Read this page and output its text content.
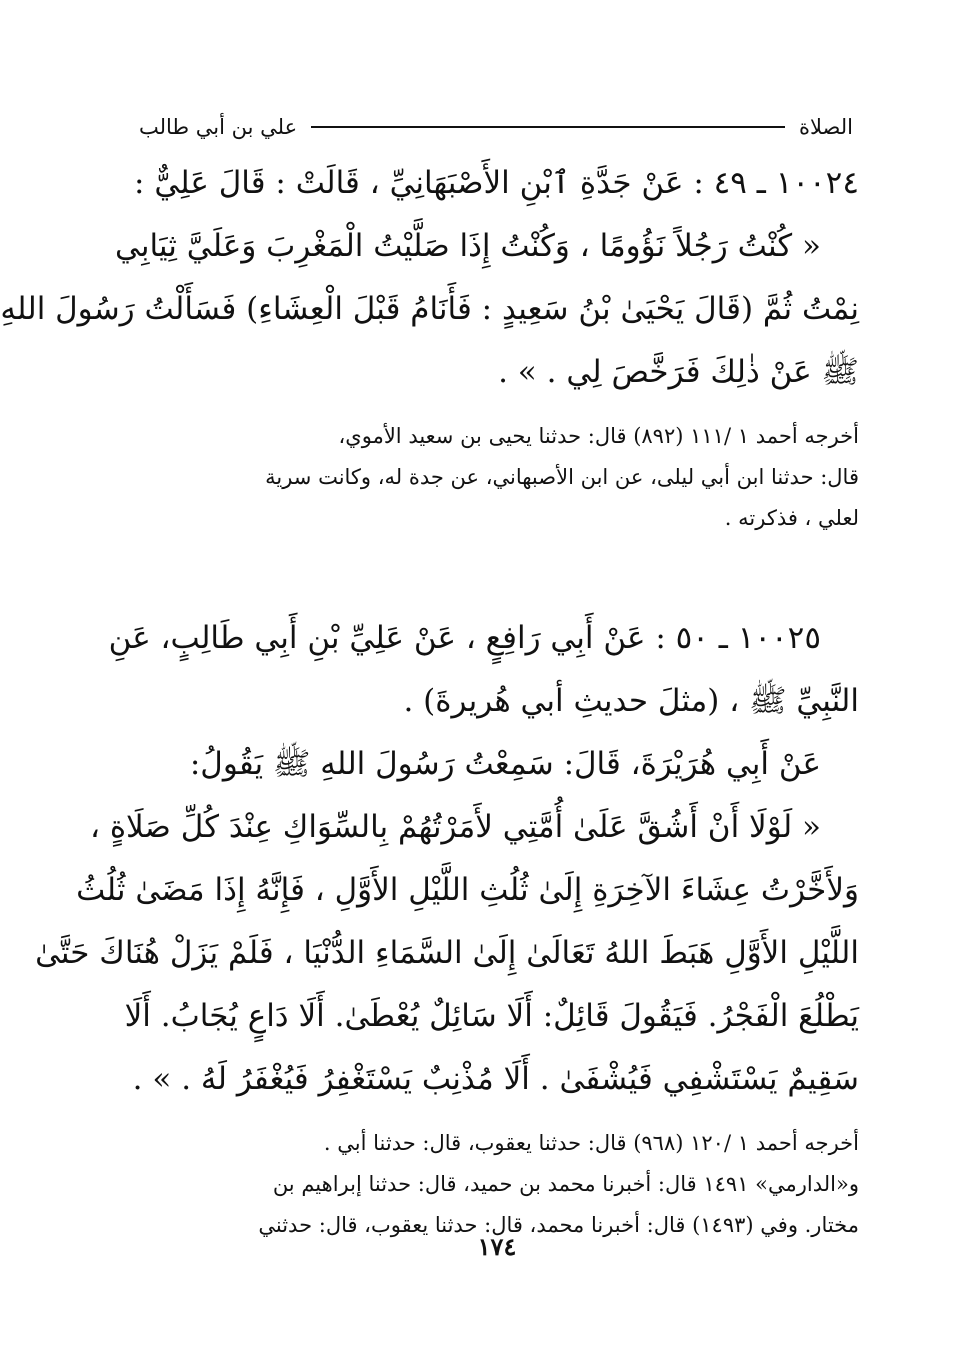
الصلاة
علي بن أبي طالب

١٠٠٢٤ ـ ٤٩ : عَنْ جَدَّةِ ٱبْنِ الأَصْبَهَانِيِّ ، قَالَتْ : قَالَ عَلِيٌّ :

« كُنْتُ رَجُلاً نَؤُومًا ، وَكُنْتُ إِذَا صَلَّيْتُ الْمَغْرِبَ وَعَلَيَّ ثِيَابِي

نِمْتُ ثُمَّ (قَالَ يَحْيَىٰ بْنُ سَعِيدٍ : فَأَنَامُ قَبْلَ الْعِشَاءِ) فَسَأَلْتُ رَسُولَ اللهِ

ﷺ عَنْ ذٰلِكَ فَرَخَّصَ لِي . » .

أخرجه أحمد ١ /١١١ (٨٩٢) قال: حدثنا يحيى بن سعيد الأموي،

قال: حدثنا ابن أبي ليلى، عن ابن الأصبهاني، عن جدة له، وكانت سرية

لعلي ، فذكرته .

١٠٠٢٥ ـ ٥٠ : عَنْ أَبِي رَافِعٍ ، عَنْ عَلِيِّ بْنِ أَبِي طَالِبٍ، عَنِ

النَّبِيِّ ﷺ ، (مثلَ حديثِ أبي هُريرةَ) .

عَنْ أَبِي هُرَيْرَةَ، قَالَ: سَمِعْتُ رَسُولَ اللهِ ﷺ يَقُولُ:

« لَوْلَا أَنْ أَشُقَّ عَلَىٰ أُمَّتِي لأَمَرْتُهُمْ بِالسِّوَاكِ عِنْدَ كُلِّ صَلَاةٍ ،

وَلأَخَّرْتُ عِشَاءَ الآخِرَةِ إِلَىٰ ثُلُثِ اللَّيْلِ الأَوَّلِ ، فَإِنَّهُ إِذَا مَضَىٰ ثُلُثُ

اللَّيْلِ الأَوَّلِ هَبَطَ اللهُ تَعَالَىٰ إِلَىٰ السَّمَاءِ الدُّنْيَا ، فَلَمْ يَزَلْ هُنَاكَ حَتَّىٰ

يَطْلُعَ الْفَجْرُ. فَيَقُولَ قَائِلٌ: أَلَا سَائِلٌ يُعْطَىٰ. أَلَا دَاعٍ يُجَابُ. أَلَا

سَقِيمٌ يَسْتَشْفِي فَيُشْفَىٰ . أَلَا مُذْنِبٌ يَسْتَغْفِرُ فَيُغْفَرُ لَهُ . » .

أخرجه أحمد ١ /١٢٠ (٩٦٨) قال: حدثنا يعقوب، قال: حدثنا أبي .

و«الدارمي» ١٤٩١ قال: أخبرنا محمد بن حميد، قال: حدثنا إبراهيم بن

مختار. وفي (١٤٩٣) قال: أخبرنا محمد، قال: حدثنا يعقوب، قال: حدثني

١٧٤
